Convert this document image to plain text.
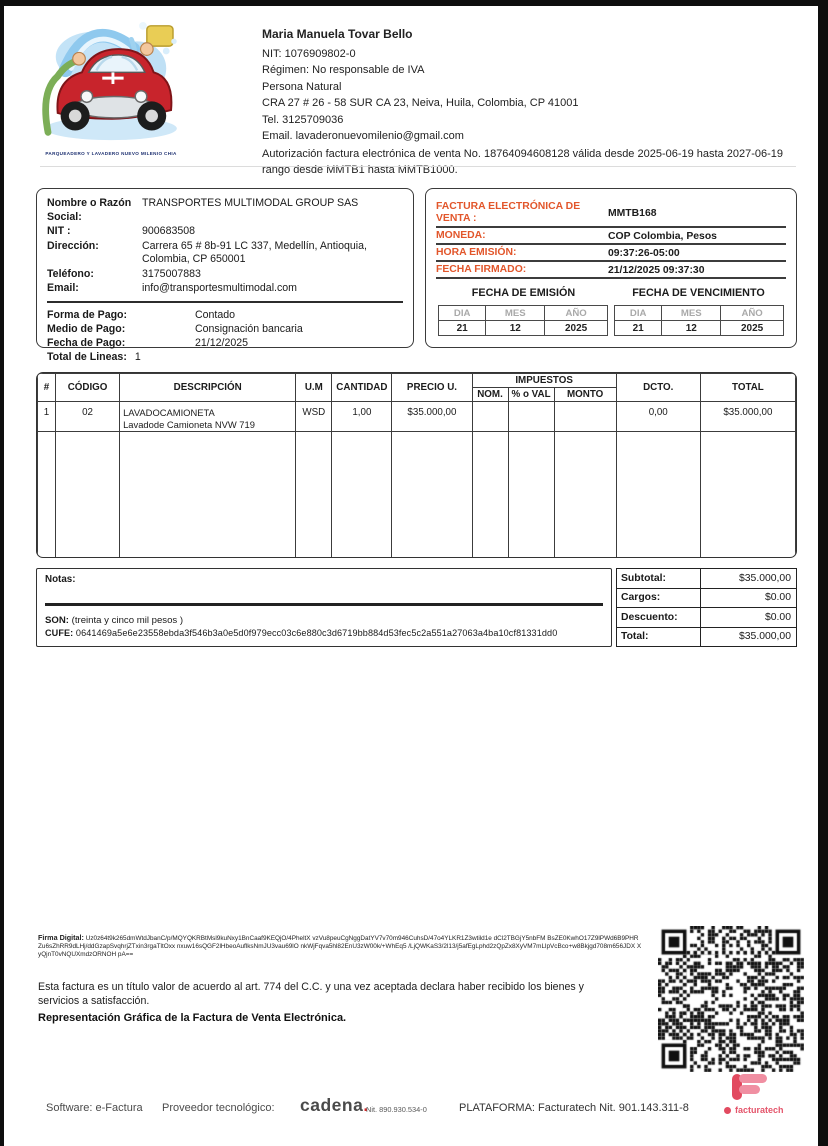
PARQUEADERO Y LAVADERO NUEVO MILENIO CHIA
Maria Manuela Tovar Bello
NIT: 1076909802-0
Régimen: No responsable de IVA
Persona Natural
CRA 27 # 26 - 58 SUR CA 23, Neiva, Huila, Colombia, CP 41001
Tel. 3125709036
Email. lavaderonuevomilenio@gmail.com
Autorización factura electrónica de venta No. 18764094608128 válida desde 2025-06-19 hasta 2027-06-19 rango desde MMTB1 hasta MMTB1000.
Nombre o Razón Social:
TRANSPORTES MULTIMODAL GROUP SAS
NIT :	900683508
Dirección:	Carrera 65 # 8b-91 LC 337, Medellín, Antioquia, Colombia, CP 650001
Teléfono:	3175007883
Email:	info@transportesmultimodal.com
Forma de Pago:	Contado
Medio de Pago:	Consignación bancaria
Fecha de Pago:	21/12/2025
Total de Lineas: 1
FACTURA ELECTRÓNICA DE VENTA :	MMTB168
MONEDA:	COP Colombia, Pesos
HORA EMISIÓN:	09:37:26-05:00
FECHA FIRMADO:	21/12/2025 09:37:30
FECHA DE EMISIÓN	FECHA DE VENCIMIENTO
DIA	MES	AÑO
21	12	2025
DIA	MES	AÑO
21	12	2025
#	CÓDIGO	DESCRIPCIÓN	U.M	CANTIDAD	PRECIO U.	IMPUESTOS			DCTO.	TOTAL
						NOM.	% o VAL	MONTO		
1	02	LAVADOCAMIONETA
Lavadode Camioneta NVW 719	WSD	1,00	$35.000,00				0,00	$35.000,00

Notas:
SON: (treinta y cinco mil pesos )
CUFE: 0641469a5e6e23558ebda3f546b3a0e5d0f979ecc03c6e880c3d6719bb884d53fec5c2a551a27063a4ba10cf81331dd0
Subtotal:	$35.000,00
Cargos:	$0.00
Descuento:	$0.00
Total:	$35.000,00
Firma Digital: Uz0z64t9k265dmWtdJbanC/p/MQYQKRBtMsl9kuNxy1BnCaaf9KEQjO/4PheltX vzVu8peuCgNggDatYV7v70m946CuhsD/47o4YLKR1Z3wtild1e dCl2TBGjY5nbFM BsZE0KwhO17Z9lPWd6B9PHRZu6sZhRR9dLHj/ddGzapSvqhrjZTxin3rgaTltOxx nxuw16sQGF2lHbeoAuflksNmJU3vau69lO nkWjFqva5hl82EnU3zW00k/+WhEq5 /LjQWKaS3/2l13/j5afEgLphd2zQpZx8XyVM7mLlpVcBco+w8Bkjgd708m656JDX XyQjnT0vNQUXmdzORNOH pA==
Esta factura es un título valor de acuerdo al art. 774 del C.C. y una vez aceptada declara haber recibido los bienes y servicios a satisfacción.
Representación Gráfica de la Factura de Venta Electrónica.
Software: e-Factura Proveedor tecnológico: cadena.
Nit. 890.930.534-0	PLATAFORMA: Facturatech Nit. 901.143.311-8	facturatech
